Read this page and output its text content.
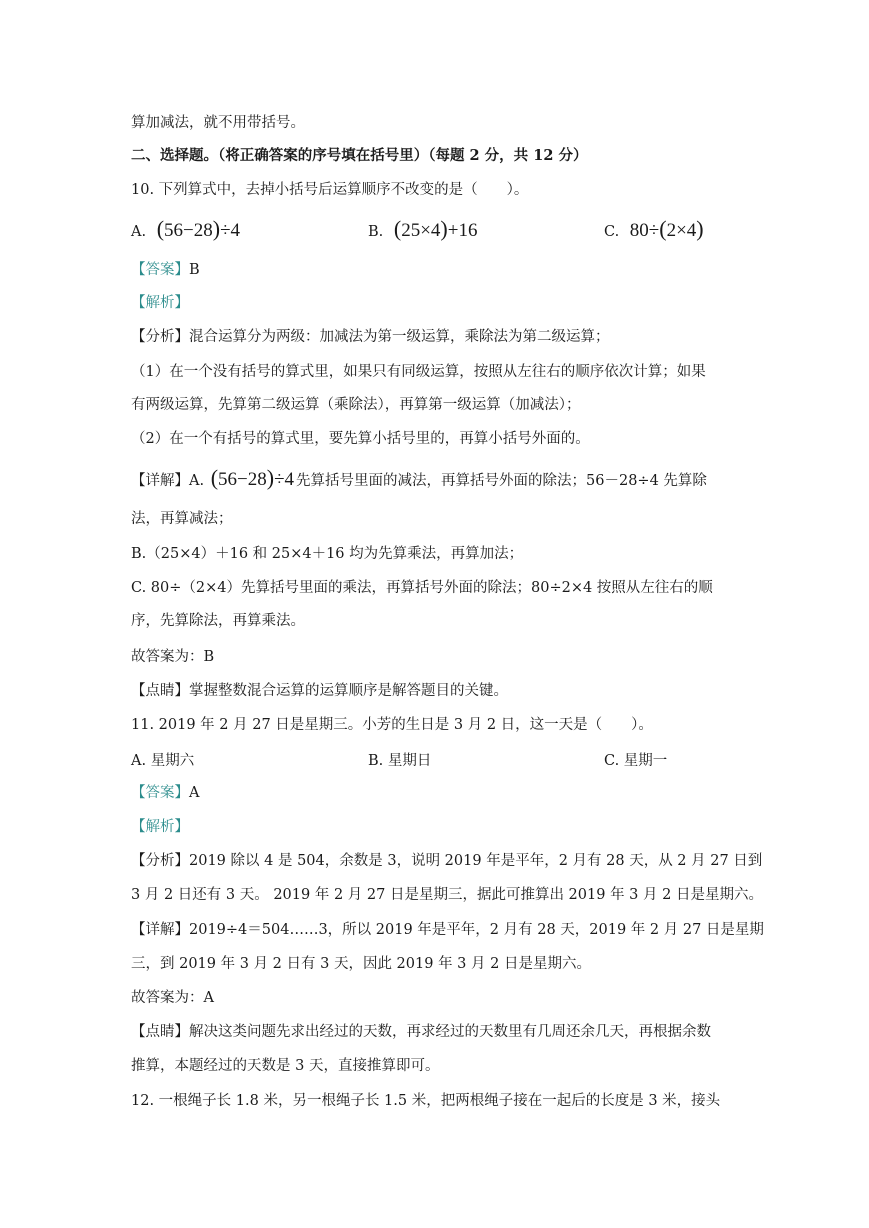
算加减法，就不用带括号。
二、选择题。（将正确答案的序号填在括号里）（每题 2 分，共 12 分）
10. 下列算式中，去掉小括号后运算顺序不改变的是（　　）。
A. (56−28)÷4	B. (25×4)+16	C. 80÷(2×4)
【答案】B
【解析】
【分析】混合运算分为两级：加减法为第一级运算，乘除法为第二级运算；
（1）在一个没有括号的算式里，如果只有同级运算，按照从左往右的顺序依次计算；如果
有两级运算，先算第二级运算（乘除法），再算第一级运算（加减法）；
（2）在一个有括号的算式里，要先算小括号里的，再算小括号外面的。
【详解】A. (56−28)÷4 先算括号里面的减法，再算括号外面的除法；56－28÷4 先算除
法，再算减法；
B.（25×4）＋16 和 25×4＋16 均为先算乘法，再算加法；
C. 80÷（2×4）先算括号里面的乘法，再算括号外面的除法；80÷2×4 按照从左往右的顺
序，先算除法，再算乘法。
故答案为：B
【点睛】掌握整数混合运算的运算顺序是解答题目的关键。
11. 2019 年 2 月 27 日是星期三。小芳的生日是 3 月 2 日，这一天是（　　）。
A. 星期六	B. 星期日	C. 星期一
【答案】A
【解析】
【分析】2019 除以 4 是 504，余数是 3，说明 2019 年是平年，2 月有 28 天，从 2 月 27 日到
3 月 2 日还有 3 天。 2019 年 2 月 27 日是星期三，据此可推算出 2019 年 3 月 2 日是星期六。
【详解】2019÷4＝504……3，所以 2019 年是平年，2 月有 28 天，2019 年 2 月 27 日是星期
三，到 2019 年 3 月 2 日有 3 天，因此 2019 年 3 月 2 日是星期六。
故答案为：A
【点睛】解决这类问题先求出经过的天数，再求经过的天数里有几周还余几天，再根据余数
推算，本题经过的天数是 3 天，直接推算即可。
12. 一根绳子长 1.8 米，另一根绳子长 1.5 米，把两根绳子接在一起后的长度是 3 米，接头
